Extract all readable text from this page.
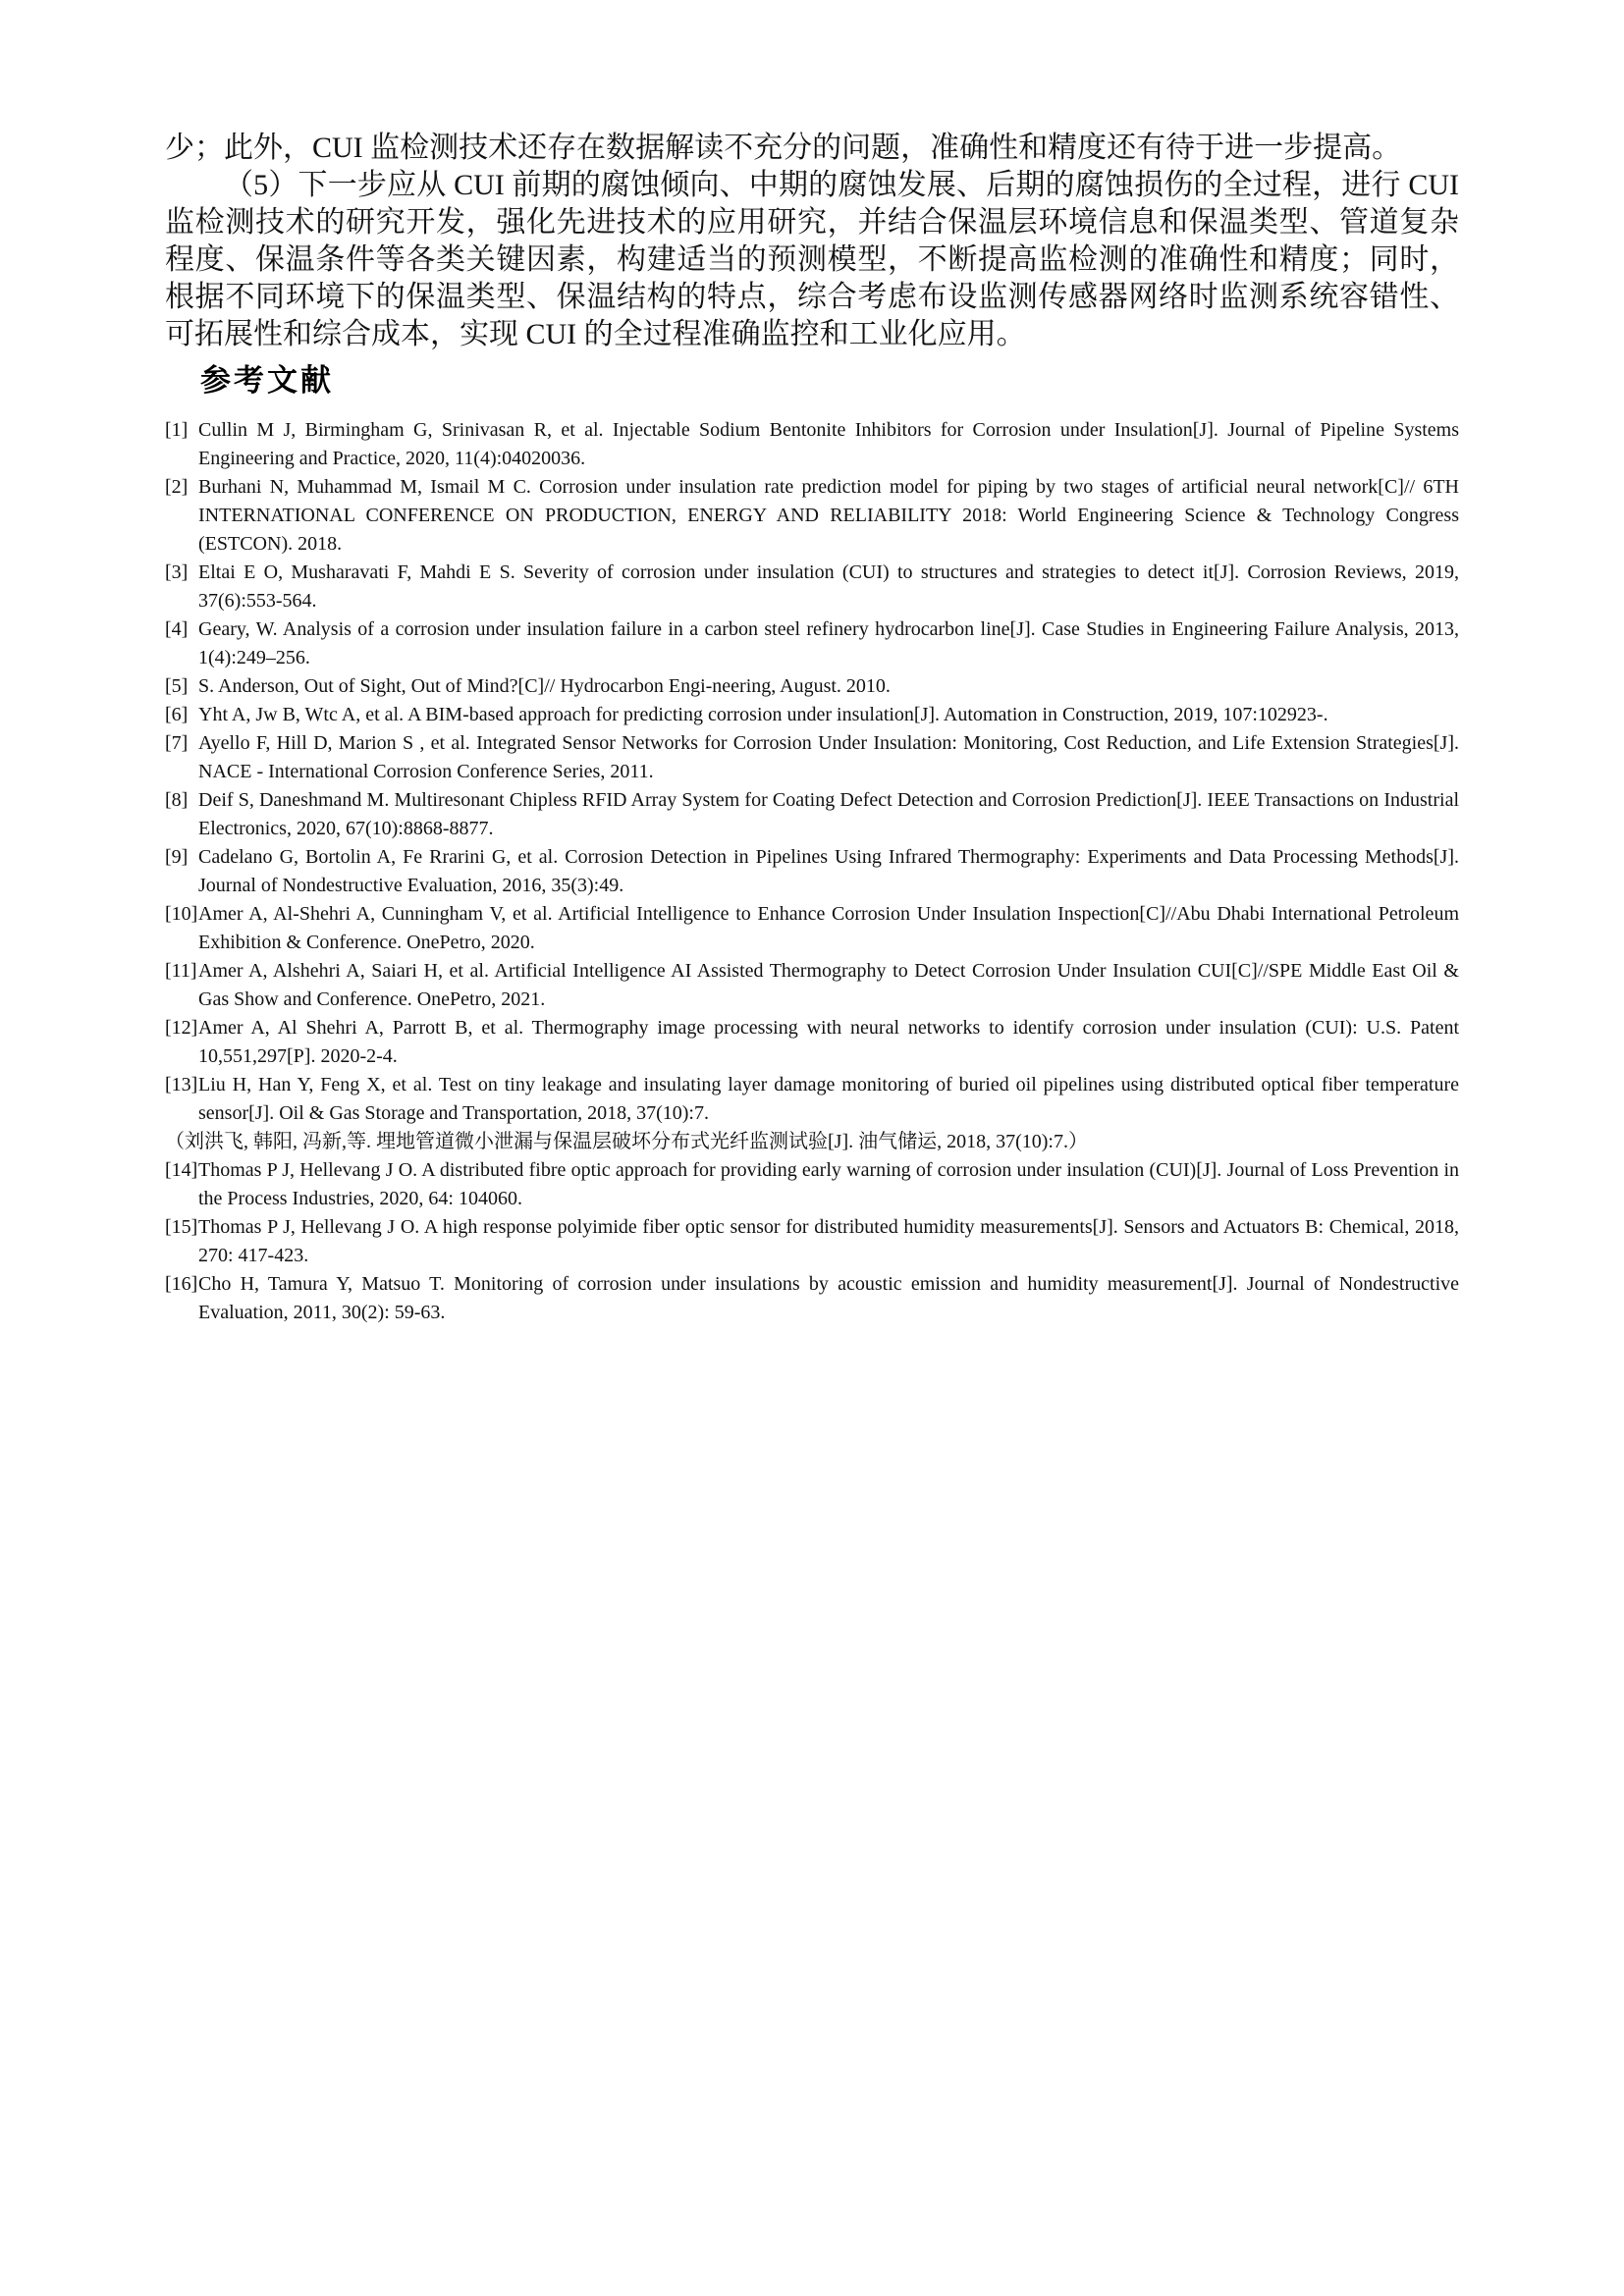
少；此外，CUI 监检测技术还存在数据解读不充分的问题，准确性和精度还有待于进一步提高。

（5）下一步应从 CUI 前期的腐蚀倾向、中期的腐蚀发展、后期的腐蚀损伤的全过程，进行 CUI 监检测技术的研究开发，强化先进技术的应用研究，并结合保温层环境信息和保温类型、管道复杂程度、保温条件等各类关键因素，构建适当的预测模型，不断提高监检测的准确性和精度；同时，根据不同环境下的保温类型、保温结构的特点，综合考虑布设监测传感器网络时监测系统容错性、可拓展性和综合成本，实现 CUI 的全过程准确监控和工业化应用。

参考文献
[1] Cullin M J, Birmingham G, Srinivasan R, et al. Injectable Sodium Bentonite Inhibitors for Corrosion under Insulation[J]. Journal of Pipeline Systems Engineering and Practice, 2020, 11(4):04020036.
[2] Burhani N, Muhammad M, Ismail M C. Corrosion under insulation rate prediction model for piping by two stages of artificial neural network[C]// 6TH INTERNATIONAL CONFERENCE ON PRODUCTION, ENERGY AND RELIABILITY 2018: World Engineering Science & Technology Congress (ESTCON). 2018.
[3] Eltai E O, Musharavati F, Mahdi E S. Severity of corrosion under insulation (CUI) to structures and strategies to detect it[J]. Corrosion Reviews, 2019, 37(6):553-564.
[4] Geary, W. Analysis of a corrosion under insulation failure in a carbon steel refinery hydrocarbon line[J]. Case Studies in Engineering Failure Analysis, 2013, 1(4):249–256.
[5] S. Anderson, Out of Sight, Out of Mind?[C]// Hydrocarbon Engi-neering, August. 2010.
[6] Yht A, Jw B, Wtc A, et al. A BIM-based approach for predicting corrosion under insulation[J]. Automation in Construction, 2019, 107:102923-.
[7] Ayello F, Hill D, Marion S , et al. Integrated Sensor Networks for Corrosion Under Insulation: Monitoring, Cost Reduction, and Life Extension Strategies[J]. NACE - International Corrosion Conference Series, 2011.
[8] Deif S, Daneshmand M. Multiresonant Chipless RFID Array System for Coating Defect Detection and Corrosion Prediction[J]. IEEE Transactions on Industrial Electronics, 2020, 67(10):8868-8877.
[9] Cadelano G, Bortolin A, Fe Rrarini G, et al. Corrosion Detection in Pipelines Using Infrared Thermography: Experiments and Data Processing Methods[J]. Journal of Nondestructive Evaluation, 2016, 35(3):49.
[10]Amer A, Al-Shehri A, Cunningham V, et al. Artificial Intelligence to Enhance Corrosion Under Insulation Inspection[C]//Abu Dhabi International Petroleum Exhibition & Conference. OnePetro, 2020.
[11]Amer A, Alshehri A, Saiari H, et al. Artificial Intelligence AI Assisted Thermography to Detect Corrosion Under Insulation CUI[C]//SPE Middle East Oil & Gas Show and Conference. OnePetro, 2021.
[12]Amer A, Al Shehri A, Parrott B, et al. Thermography image processing with neural networks to identify corrosion under insulation (CUI): U.S. Patent 10,551,297[P]. 2020-2-4.
[13]Liu H, Han Y, Feng X, et al. Test on tiny leakage and insulating layer damage monitoring of buried oil pipelines using distributed optical fiber temperature sensor[J]. Oil & Gas Storage and Transportation, 2018, 37(10):7.
（刘洪飞, 韩阳, 冯新,等. 埋地管道微小泄漏与保温层破坏分布式光纤监测试验[J]. 油气储运, 2018, 37(10):7.）
[14]Thomas P J, Hellevang J O. A distributed fibre optic approach for providing early warning of corrosion under insulation (CUI)[J]. Journal of Loss Prevention in the Process Industries, 2020, 64: 104060.
[15]Thomas P J, Hellevang J O. A high response polyimide fiber optic sensor for distributed humidity measurements[J]. Sensors and Actuators B: Chemical, 2018, 270: 417-423.
[16]Cho H, Tamura Y, Matsuo T. Monitoring of corrosion under insulations by acoustic emission and humidity measurement[J]. Journal of Nondestructive Evaluation, 2011, 30(2): 59-63.
